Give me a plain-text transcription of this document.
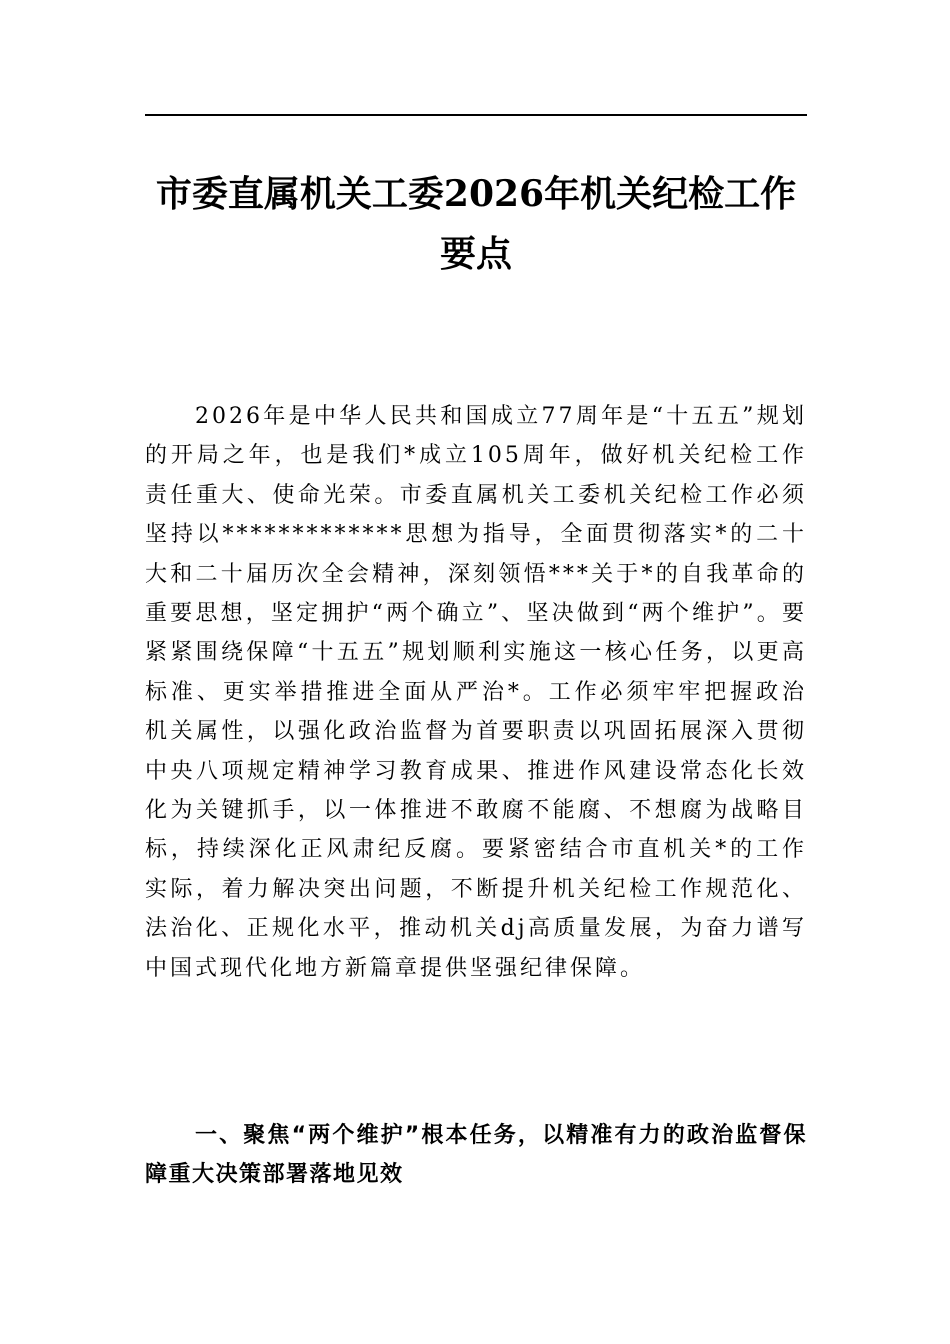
市委直属机关工委2026年机关纪检工作要点

2026年是中华人民共和国成立77周年是“十五五”规划的开局之年，也是我们*成立105周年，做好机关纪检工作责任重大、使命光荣。市委直属机关工委机关纪检工作必须坚持以*************思想为指导，全面贯彻落实*的二十大和二十届历次全会精神，深刻领悟***关于*的自我革命的重要思想，坚定拥护“两个确立”、坚决做到“两个维护”。要紧紧围绕保障“十五五”规划顺利实施这一核心任务，以更高标准、更实举措推进全面从严治*。工作必须牢牢把握政治机关属性，以强化政治监督为首要职责以巩固拓展深入贯彻中央八项规定精神学习教育成果、推进作风建设常态化长效化为关键抓手，以一体推进不敢腐不能腐、不想腐为战略目标，持续深化正风肃纪反腐。要紧密结合市直机关*的工作实际，着力解决突出问题，不断提升机关纪检工作规范化、法治化、正规化水平，推动机关dj高质量发展，为奋力谱写中国式现代化地方新篇章提供坚强纪律保障。

一、聚焦“两个维护”根本任务，以精准有力的政治监督保障重大决策部署落地见效
